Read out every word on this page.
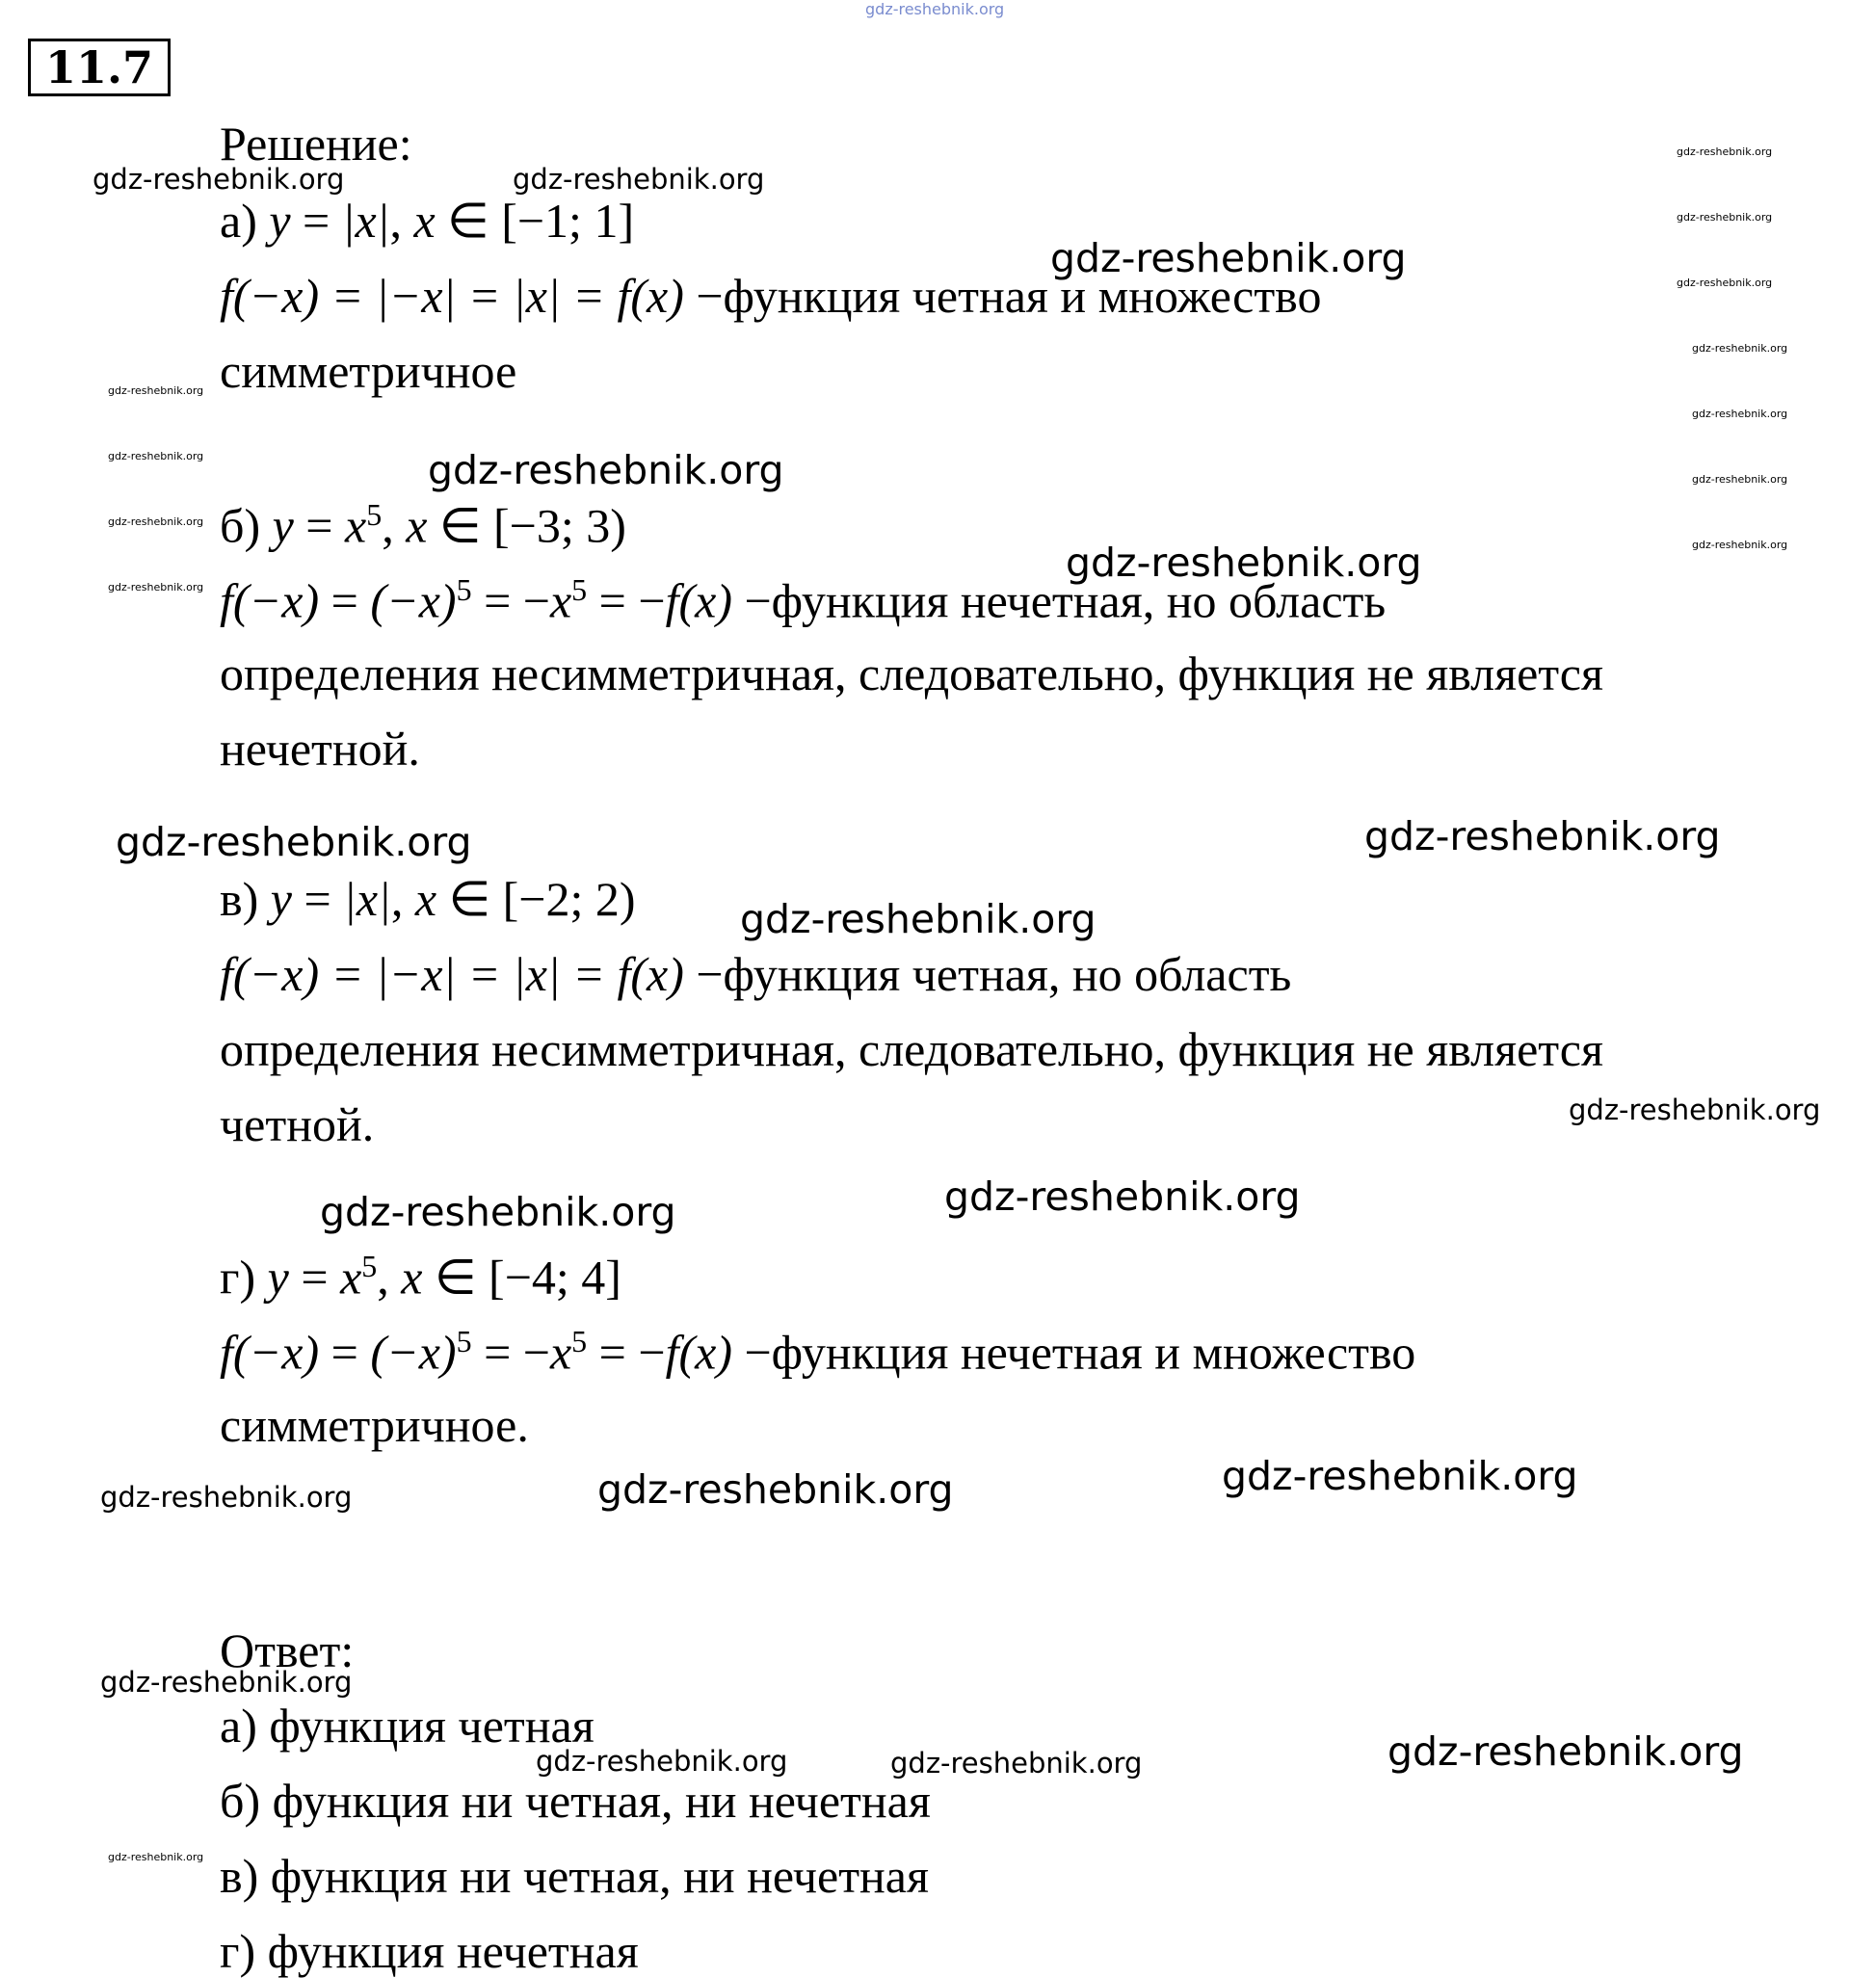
gdz-reshebnik.org
11.7
Решение:
а) y = |x|, x ∈ [−1; 1]
f(−x) = |−x| = |x| = f(x) −функция четная и множество
симметричное
б) $y = x^5$, x ∈ [−3; 3)
$f(-x) = (-x)^5 = -x^5 = -f(x)$ −функция нечетная, но область
определения несимметричная, следовательно, функция не является
нечетной.
в) y = |x|, x ∈ [−2; 2)
f(−x) = |−x| = |x| = f(x) −функция четная, но область
определения несимметричная, следовательно, функция не является
четной.
г) $y = x^5$, x ∈ [−4; 4]
$f(-x) = (-x)^5 = -x^5 = -f(x)$ −функция нечетная и множество
симметричное.
Ответ:
а) функция четная
б) функция ни четная, ни нечетная
в) функция ни четная, ни нечетная
г) функция нечетная
gdz-reshebnik.org	gdz-reshebnik.org
gdz-reshebnik.org
gdz-reshebnik.org
gdz-reshebnik.org
gdz-reshebnik.org	gdz-reshebnik.org
gdz-reshebnik.org
gdz-reshebnik.org
gdz-reshebnik.org	gdz-reshebnik.org
gdz-reshebnik.org	gdz-reshebnik.org	gdz-reshebnik.org
gdz-reshebnik.org
gdz-reshebnik.org	gdz-reshebnik.org	gdz-reshebnik.org
gdz-reshebnik.org
gdz-reshebnik.org
gdz-reshebnik.org
gdz-reshebnik.org
gdz-reshebnik.org
gdz-reshebnik.org
gdz-reshebnik.org
gdz-reshebnik.org
gdz-reshebnik.org
gdz-reshebnik.org
gdz-reshebnik.org
gdz-reshebnik.org
